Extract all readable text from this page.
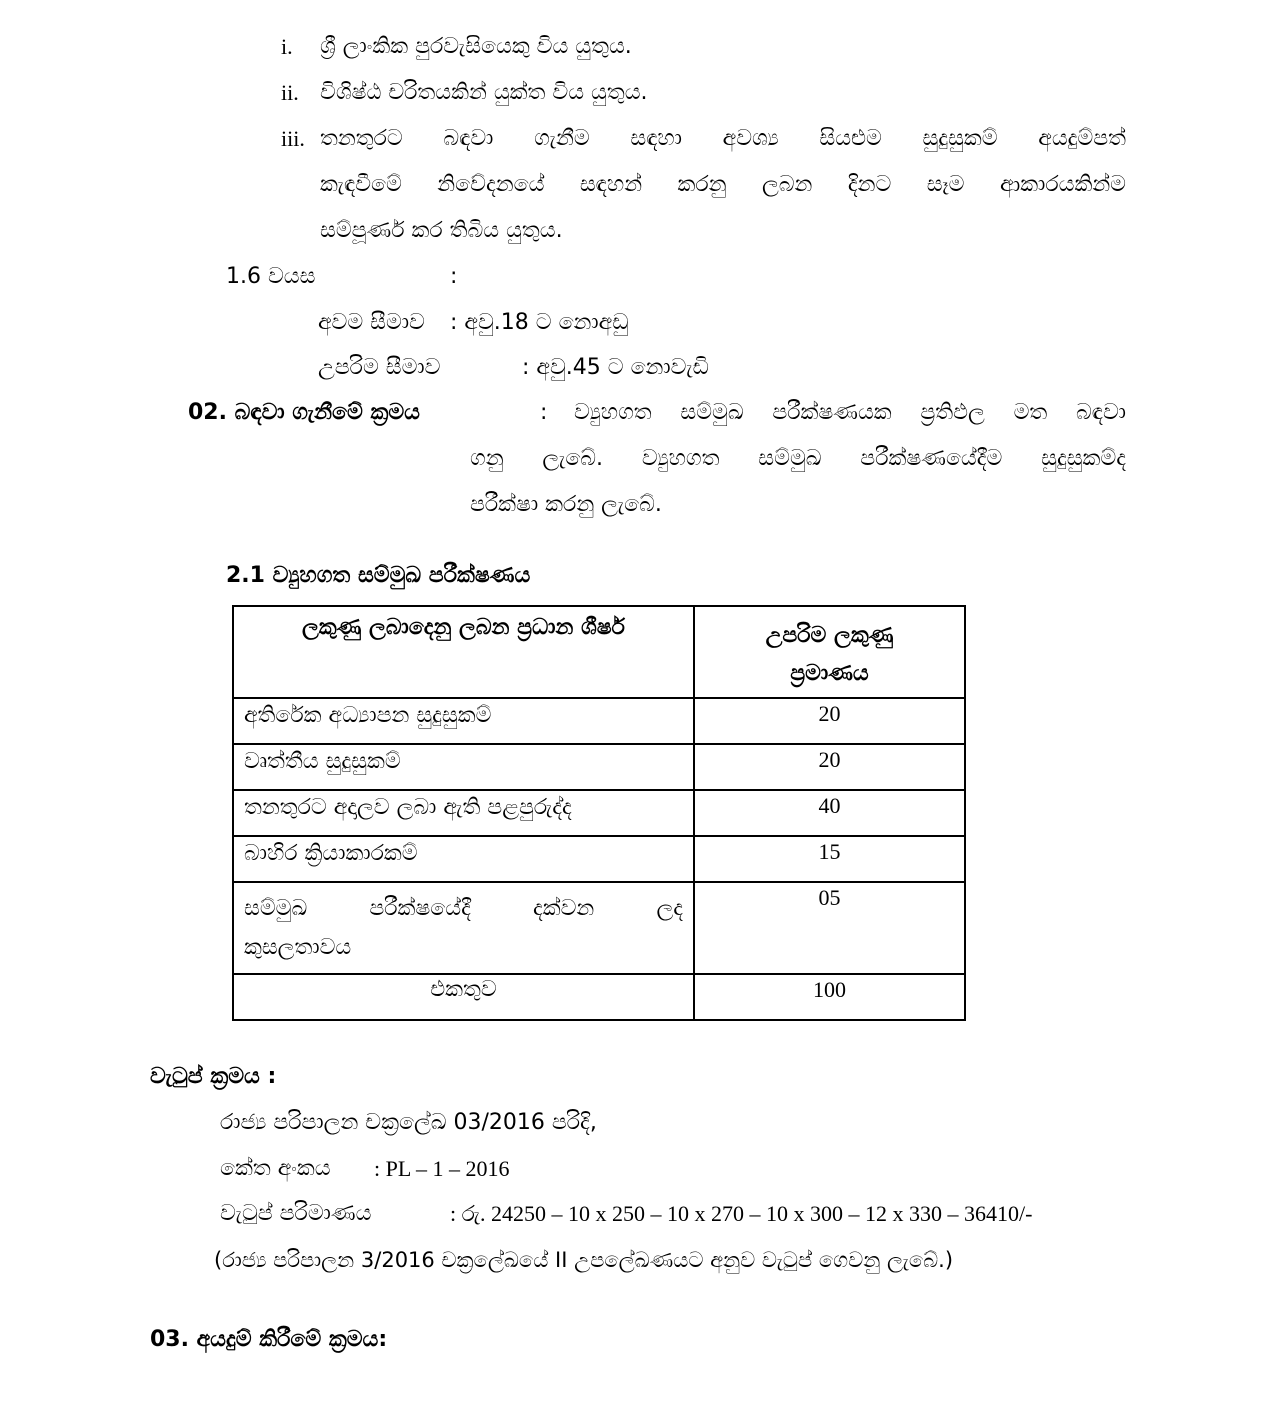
i. ශ්‍රී ලාංකික පුරවැසියෙකු විය යුතුය.
ii. විශිෂ්ඨ චරිතයකින් යුක්ත විය යුතුය.
iii. තනතුරට බඳවා ගැනීම සඳහා අවශ්‍ය සියළුම සුදුසුකම් අයදුම්පත්
කැඳවීමේ නිවේදනයේ සඳහන් කරනු ලබන දිනට සෑම ආකාරයකින්ම
සම්පූර්ණ කර තිබිය යුතුය.
1.6 වයස	:
අවම සීමාව : අවු.18 ට නොඅඩු
උපරිම සීමාව	: අවු.45 ට නොවැඩි
02. බඳවා ගැනීමේ ක්‍රමය	: ව්‍යුහගත සම්මුඛ පරීක්ෂණයක ප්‍රතිඵල මත බඳවා
ගනු ලැබේ. ව්‍යුහගත සම්මුඛ පරීක්ෂණයේදීම සුදුසුකම්ද
පරීක්ෂා කරනු ලැබේ.
2.1 ව්‍යුහගත සම්මුඛ පරීක්ෂණය
ලකුණු ලබාදෙනු ලබන ප්‍රධාන ශීර්ෂ	උපරිම ලකුණු
ප්‍රමාණය

අතිරේක අධ්‍යාපන සුදුසුකම්	20
වෘත්තීය සුදුසුකම්	20
තනතුරට අදාලව ලබා ඇති පළපුරුද්ද	40
බාහිර ක්‍රියාකාරකම්	15

සම්මුඛ පරීක්ෂයේදී දක්වන ලද
කුසලතාවය	05
එකතුව	100
වැටුප් ක්‍රමය :
රාජ්‍ය පරිපාලන චක්‍රලේඛ 03/2016 පරිදි,
කේත අංකය : PL – 1 – 2016
වැටුප් පරිමාණය	: රු. 24250 – 10 x 250 – 10 x 270 – 10 x 300 – 12 x 330 – 36410/-
(රාජ්‍ය පරිපාලන 3/2016 චක්‍රලේඛයේ II උපලේඛණයට අනුව වැටුප් ගෙවනු ලැබේ.)
03. අයදුම් කිරීමේ ක්‍රමය:
